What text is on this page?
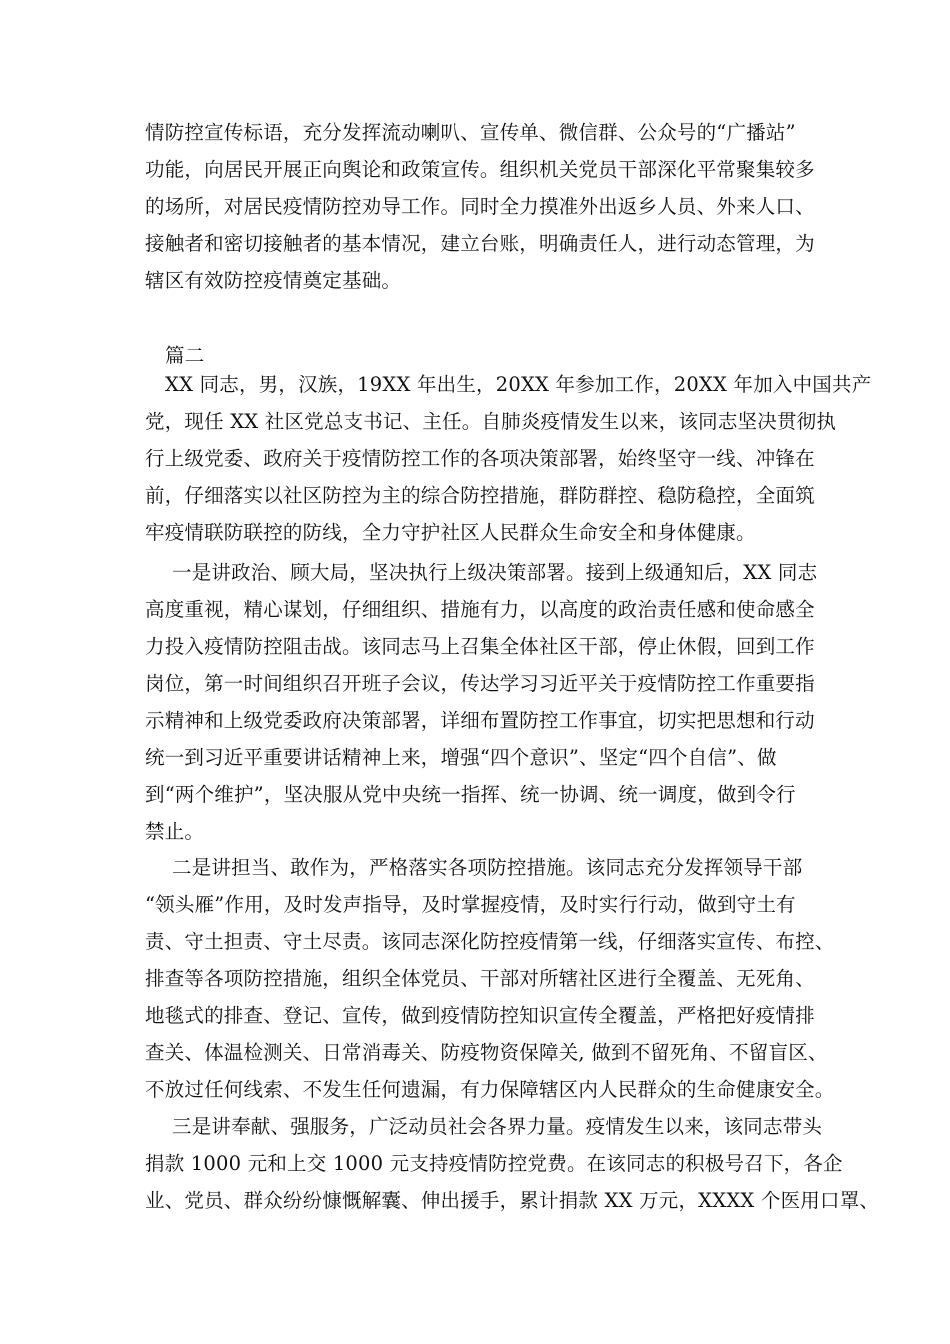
情防控宣传标语，充分发挥流动喇叭、宣传单、微信群、公众号的“广播站”
功能，向居民开展正向舆论和政策宣传。组织机关党员干部深化平常聚集较多
的场所，对居民疫情防控劝导工作。同时全力摸准外出返乡人员、外来人口、
接触者和密切接触者的基本情况，建立台账，明确责任人，进行动态管理，为
辖区有效防控疫情奠定基础。
篇二
XX 同志，男，汉族，19XX 年出生，20XX 年参加工作，20XX 年加入中国共产
党，现任 XX 社区党总支书记、主任。自肺炎疫情发生以来，该同志坚决贯彻执
行上级党委、政府关于疫情防控工作的各项决策部署，始终坚守一线、冲锋在
前，仔细落实以社区防控为主的综合防控措施，群防群控、稳防稳控，全面筑
牢疫情联防联控的防线，全力守护社区人民群众生命安全和身体健康。
一是讲政治、顾大局，坚决执行上级决策部署。接到上级通知后，XX 同志
高度重视，精心谋划，仔细组织、措施有力，以高度的政治责任感和使命感全
力投入疫情防控阻击战。该同志马上召集全体社区干部，停止休假，回到工作
岗位，第一时间组织召开班子会议，传达学习习近平关于疫情防控工作重要指
示精神和上级党委政府决策部署，详细布置防控工作事宜，切实把思想和行动
统一到习近平重要讲话精神上来，增强“四个意识”、坚定“四个自信”、做
到“两个维护”，坚决服从党中央统一指挥、统一协调、统一调度，做到令行
禁止。
二是讲担当、敢作为，严格落实各项防控措施。该同志充分发挥领导干部
“领头雁”作用，及时发声指导，及时掌握疫情，及时实行行动，做到守土有
责、守土担责、守土尽责。该同志深化防控疫情第一线，仔细落实宣传、布控、
排查等各项防控措施，组织全体党员、干部对所辖社区进行全覆盖、无死角、
地毯式的排查、登记、宣传，做到疫情防控知识宣传全覆盖，严格把好疫情排
查关、体温检测关、日常消毒关、防疫物资保障关, 做到不留死角、不留盲区、
不放过任何线索、不发生任何遗漏，有力保障辖区内人民群众的生命健康安全。
三是讲奉献、强服务，广泛动员社会各界力量。疫情发生以来，该同志带头
捐款 1000 元和上交 1000 元支持疫情防控党费。在该同志的积极号召下，各企
业、党员、群众纷纷慷慨解囊、伸出援手，累计捐款 XX 万元，XXXX 个医用口罩、
